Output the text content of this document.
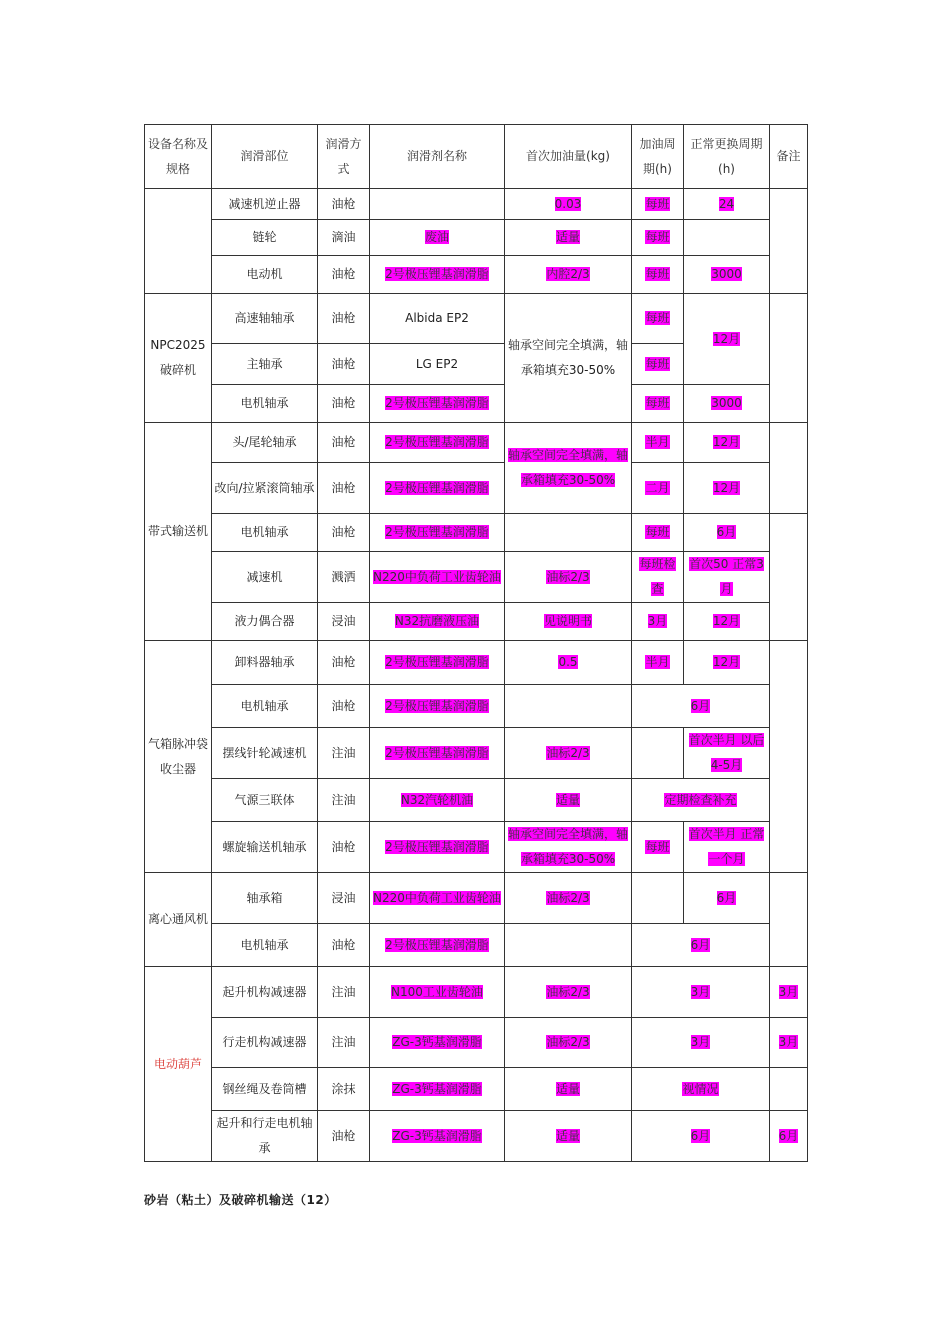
设备名称及规格	润滑部位	润滑方式	润滑剂名称	首次加油量(kg)	加油周期(h)	正常更换周期(h)	备注
	减速机逆止器	油枪		0.03	每班	24	
	链轮	滴油	废油	适量	每班		
	电动机	油枪	2号极压锂基润滑脂	内腔2/3	每班	3000	
NPC2025破碎机	高速轴轴承	油枪	Albida EP2	轴承空间完全填满，轴承箱填充30-50%	每班	12月	
	主轴承	油枪	LG EP2		每班		
	电机轴承	油枪	2号极压锂基润滑脂		每班	3000	
带式输送机	头/尾轮轴承	油枪	2号极压锂基润滑脂	轴承空间完全填满，轴承箱填充30-50%	半月	12月	
	改向/拉紧滚筒轴承	油枪	2号极压锂基润滑脂		二月	12月	
	电机轴承	油枪	2号极压锂基润滑脂		每班	6月	
	减速机	溅洒	N220中负荷工业齿轮油	油标2/3	每班检查	首次50 正常3月	
	液力偶合器	浸油	N32抗磨液压油	见说明书	3月	12月	
气箱脉冲袋收尘器	卸料器轴承	油枪	2号极压锂基润滑脂	0.5	半月	12月	
	电机轴承	油枪	2号极压锂基润滑脂		6月		
	摆线针轮减速机	注油	2号极压锂基润滑脂	油标2/3		首次半月 以后4-5月	
	气源三联体	注油	N32汽轮机油	适量	定期检查补充		
	螺旋输送机轴承	油枪	2号极压锂基润滑脂	轴承空间完全填满，轴承箱填充30-50%	每班	首次半月 正常一个月	
离心通风机	轴承箱	浸油	N220中负荷工业齿轮油	油标2/3		6月	
	电机轴承	油枪	2号极压锂基润滑脂		6月		
电动葫芦	起升机构减速器	注油	N100工业齿轮油	油标2/3	3月		3月
	行走机构减速器	注油	ZG-3钙基润滑脂	油标2/3	3月		3月
	钢丝绳及卷筒槽	涂抹	ZG-3钙基润滑脂	适量	视情况		
	起升和行走电机轴承	油枪	ZG-3钙基润滑脂	适量	6月		6月
砂岩（粘土）及破碎机输送（12）
